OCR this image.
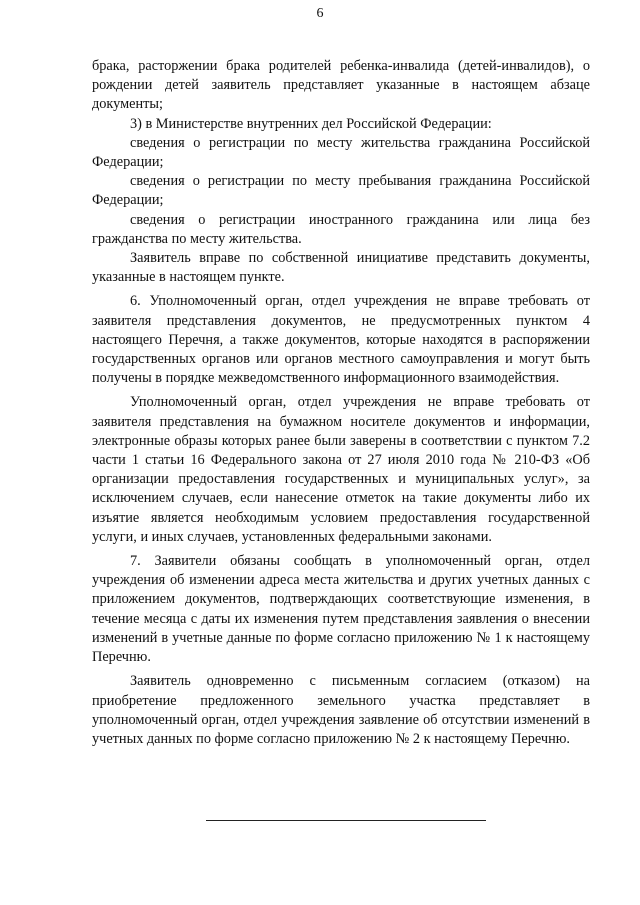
6

брака, расторжении брака родителей ребенка-инвалида (детей-инвалидов), о рождении детей заявитель представляет указанные в настоящем абзаце документы;

3) в Министерстве внутренних дел Российской Федерации:

сведения о регистрации по месту жительства гражданина Российской Федерации;

сведения о регистрации по месту пребывания гражданина Российской Федерации;

сведения о регистрации иностранного гражданина или лица без гражданства по месту жительства.

Заявитель вправе по собственной инициативе представить документы, указанные в настоящем пункте.

6. Уполномоченный орган, отдел учреждения не вправе требовать от заявителя представления документов, не предусмотренных пунктом 4 настоящего Перечня, а также документов, которые находятся в распоряжении государственных органов или органов местного самоуправления и могут быть получены в порядке межведомственного информационного взаимодействия.

Уполномоченный орган, отдел учреждения не вправе требовать от заявителя представления на бумажном носителе документов и информации, электронные образы которых ранее были заверены в соответствии с пунктом 7.2 части 1 статьи 16 Федерального закона от 27 июля 2010 года № 210-ФЗ «Об организации предоставления государственных и муниципальных услуг», за исключением случаев, если нанесение отметок на такие документы либо их изъятие является необходимым условием предоставления государственной услуги, и иных случаев, установленных федеральными законами.

7. Заявители обязаны сообщать в уполномоченный орган, отдел учреждения об изменении адреса места жительства и других учетных данных с приложением документов, подтверждающих соответствующие изменения, в течение месяца с даты их изменения путем представления заявления о внесении изменений в учетные данные по форме согласно приложению № 1 к настоящему Перечню.

Заявитель одновременно с письменным согласием (отказом) на приобретение предложенного земельного участка представляет в уполномоченный орган, отдел учреждения заявление об отсутствии изменений в учетных данных по форме согласно приложению № 2 к настоящему Перечню.
